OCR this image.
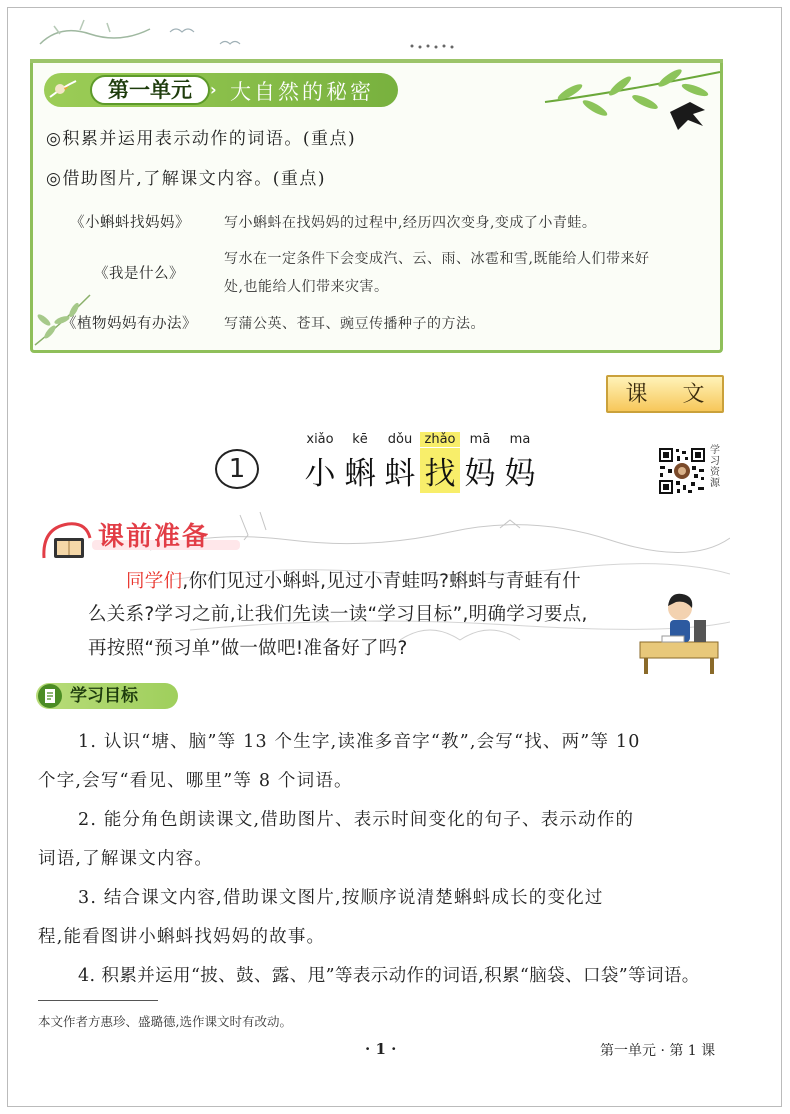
第一单元	› 大自然的秘密
◎积累并运用表示动作的词语。(重点)
◎借助图片,了解课文内容。(重点)
《小蝌蚪找妈妈》 写小蝌蚪在找妈妈的过程中,经历四次变身,变成了小青蛙。
《我是什么》
写水在一定条件下会变成汽、云、雨、冰雹和雪,既能给人们带来好
处,也能给人们带来灾害。
《植物妈妈有办法》 写蒲公英、苍耳、豌豆传播种子的方法。
课 文
1
xiǎo	kē	dǒu zhǎo	mā	ma
小 蝌 蚪 找 妈 妈
学习资源
课前准备
同学们,你们见过小蝌蚪,见过小青蛙吗?蝌蚪与青蛙有什
么关系?学习之前,让我们先读一读“学习目标”,明确学习要点,
再按照“预习单”做一做吧!准备好了吗?
学习目标
1. 认识“塘、脑”等 13 个生字,读准多音字“教”,会写“找、两”等 10
个字,会写“看见、哪里”等 8 个词语。
2. 能分角色朗读课文,借助图片、表示时间变化的句子、表示动作的
词语,了解课文内容。
3. 结合课文内容,借助课文图片,按顺序说清楚蝌蚪成长的变化过
程,能看图讲小蝌蚪找妈妈的故事。
4. 积累并运用“披、鼓、露、甩”等表示动作的词语,积累“脑袋、口袋”等词语。
本文作者方惠珍、盛璐德,选作课文时有改动。
· 1 ·	第一单元 · 第 1 课
